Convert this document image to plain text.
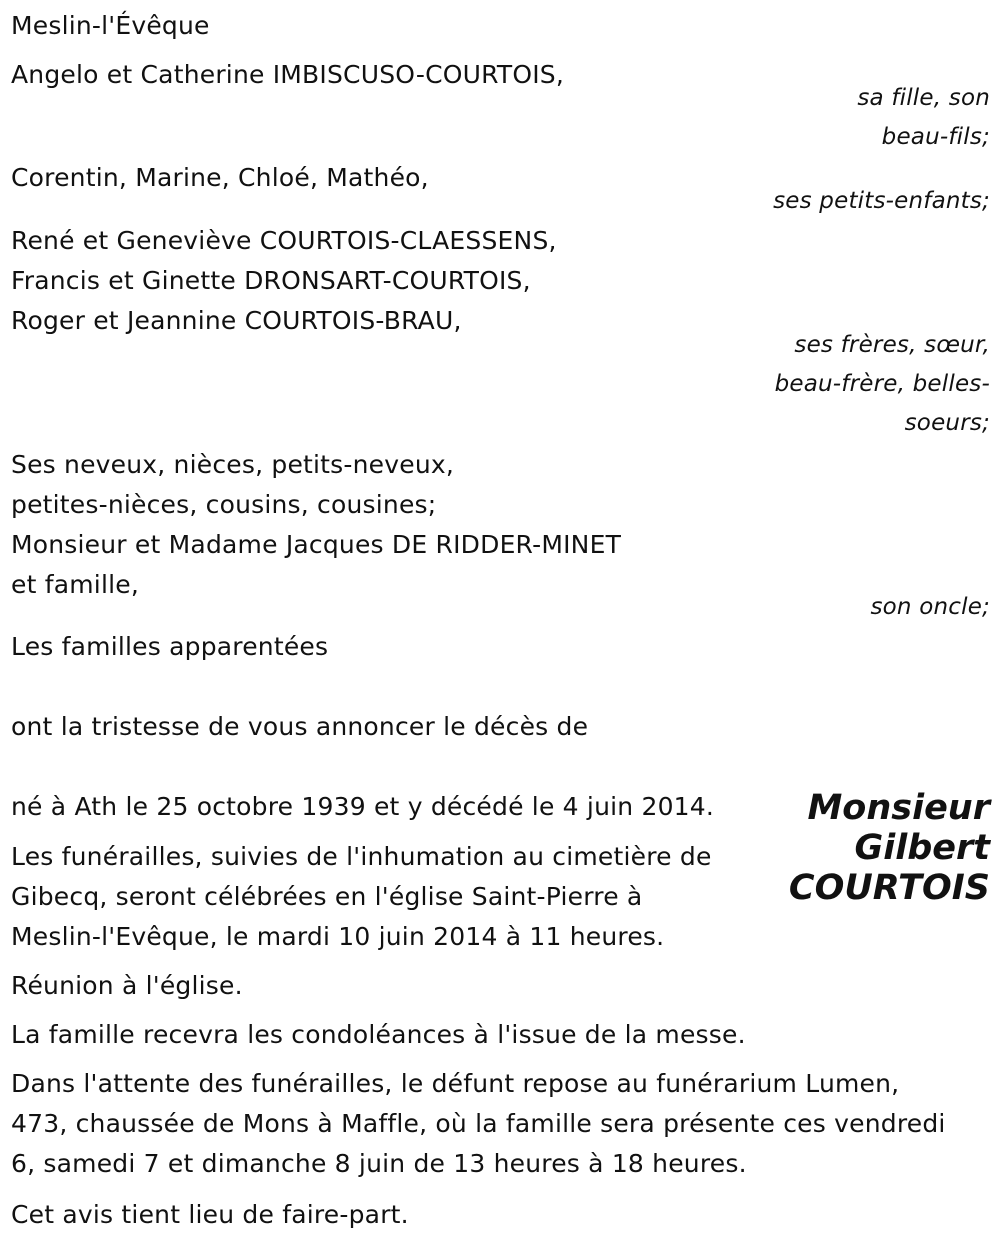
Meslin-l'Évêque
Angelo et Catherine IMBISCUSO-COURTOIS,
sa fille, son
beau-fils;
Corentin, Marine, Chloé, Mathéo,
ses petits-enfants;
René et Geneviève COURTOIS-CLAESSENS,
Francis et Ginette DRONSART-COURTOIS,
Roger et Jeannine COURTOIS-BRAU,
ses frères, sœur,
beau-frère, belles-
soeurs;
Ses neveux, nièces, petits-neveux,
petites-nièces, cousins, cousines;
Monsieur et Madame Jacques DE RIDDER-MINET
et famille,
son oncle;
Les familles apparentées
ont la tristesse de vous annoncer le décès de
Monsieur
Gilbert
COURTOIS
né à Ath le 25 octobre 1939 et y décédé le 4 juin 2014.
Les funérailles, suivies de l'inhumation au cimetière de
Gibecq, seront célébrées en l'église Saint-Pierre à
Meslin-l'Evêque, le mardi 10 juin 2014 à 11 heures.
Réunion à l'église.
La famille recevra les condoléances à l'issue de la messe.
Dans l'attente des funérailles, le défunt repose au funérarium Lumen,
473, chaussée de Mons à Maffle, où la famille sera présente ces vendredi
6, samedi 7 et dimanche 8 juin de 13 heures à 18 heures.
Cet avis tient lieu de faire-part.
